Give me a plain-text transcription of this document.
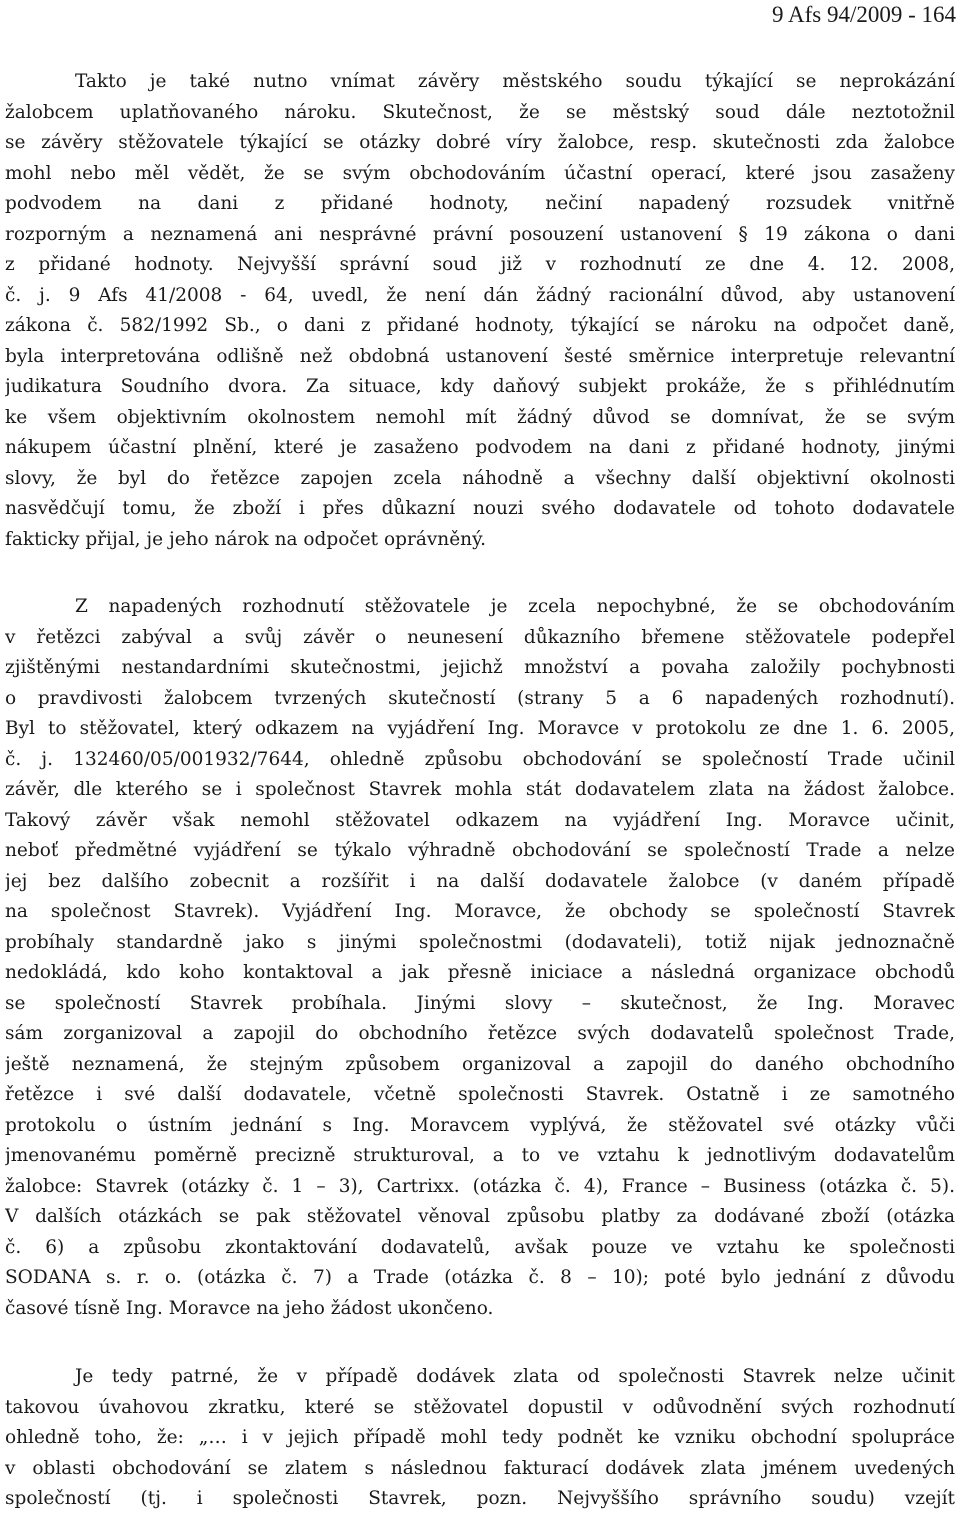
9 Afs 94/2009 - 164
Takto je také nutno vnímat závěry městského soudu týkající se neprokázání
žalobcem uplatňovaného nároku. Skutečnost, že se městský soud dále neztotožnil
se závěry stěžovatele týkající se otázky dobré víry žalobce, resp. skutečnosti zda žalobce
mohl nebo měl vědět, že se svým obchodováním účastní operací, které jsou zasaženy
podvodem na dani z přidané hodnoty, nečiní napadený rozsudek vnitřně
rozporným a neznamená ani nesprávné právní posouzení ustanovení § 19 zákona o dani
z přidané hodnoty. Nejvyšší správní soud již v rozhodnutí ze dne 4. 12. 2008,
č. j. 9 Afs 41/2008 - 64, uvedl, že není dán žádný racionální důvod, aby ustanovení
zákona č. 582/1992 Sb., o dani z přidané hodnoty, týkající se nároku na odpočet daně,
byla interpretována odlišně než obdobná ustanovení šesté směrnice interpretuje relevantní
judikatura Soudního dvora. Za situace, kdy daňový subjekt prokáže, že s přihlédnutím
ke všem objektivním okolnostem nemohl mít žádný důvod se domnívat, že se svým
nákupem účastní plnění, které je zasaženo podvodem na dani z přidané hodnoty, jinými
slovy, že byl do řetězce zapojen zcela náhodně a všechny další objektivní okolnosti
nasvědčují tomu, že zboží i přes důkazní nouzi svého dodavatele od tohoto dodavatele
fakticky přijal, je jeho nárok na odpočet oprávněný.
Z napadených rozhodnutí stěžovatele je zcela nepochybné, že se obchodováním
v řetězci zabýval a svůj závěr o neunesení důkazního břemene stěžovatele podepřel
zjištěnými nestandardními skutečnostmi, jejichž množství a povaha založily pochybnosti
o pravdivosti žalobcem tvrzených skutečností (strany 5 a 6 napadených rozhodnutí).
Byl to stěžovatel, který odkazem na vyjádření Ing. Moravce v protokolu ze dne 1. 6. 2005,
č. j. 132460/05/001932/7644, ohledně způsobu obchodování se společností Trade učinil
závěr, dle kterého se i společnost Stavrek mohla stát dodavatelem zlata na žádost žalobce.
Takový závěr však nemohl stěžovatel odkazem na vyjádření Ing. Moravce učinit,
neboť předmětné vyjádření se týkalo výhradně obchodování se společností Trade a nelze
jej bez dalšího zobecnit a rozšířit i na další dodavatele žalobce (v daném případě
na společnost Stavrek). Vyjádření Ing. Moravce, že obchody se společností Stavrek
probíhaly standardně jako s jinými společnostmi (dodavateli), totiž nijak jednoznačně
nedokládá, kdo koho kontaktoval a jak přesně iniciace a následná organizace obchodů
se společností Stavrek probíhala. Jinými slovy – skutečnost, že Ing. Moravec
sám zorganizoval a zapojil do obchodního řetězce svých dodavatelů společnost Trade,
ještě neznamená, že stejným způsobem organizoval a zapojil do daného obchodního
řetězce i své další dodavatele, včetně společnosti Stavrek. Ostatně i ze samotného
protokolu o ústním jednání s Ing. Moravcem vyplývá, že stěžovatel své otázky vůči
jmenovanému poměrně precizně strukturoval, a to ve vztahu k jednotlivým dodavatelům
žalobce: Stavrek (otázky č. 1 – 3), Cartrixx. (otázka č. 4), France – Business (otázka č. 5).
V dalších otázkách se pak stěžovatel věnoval způsobu platby za dodávané zboží (otázka
č. 6) a způsobu zkontaktování dodavatelů, avšak pouze ve vztahu ke společnosti
SODANA s. r. o. (otázka č. 7) a Trade (otázka č. 8 – 10); poté bylo jednání z důvodu
časové tísně Ing. Moravce na jeho žádost ukončeno.
Je tedy patrné, že v případě dodávek zlata od společnosti Stavrek nelze učinit
takovou úvahovou zkratku, které se stěžovatel dopustil v odůvodnění svých rozhodnutí
ohledně toho, že: „… i v jejich případě mohl tedy podnět ke vzniku obchodní spolupráce
v oblasti obchodování se zlatem s následnou fakturací dodávek zlata jménem uvedených
společností (tj. i společnosti Stavrek, pozn. Nejvyššího správního soudu) vzejít
